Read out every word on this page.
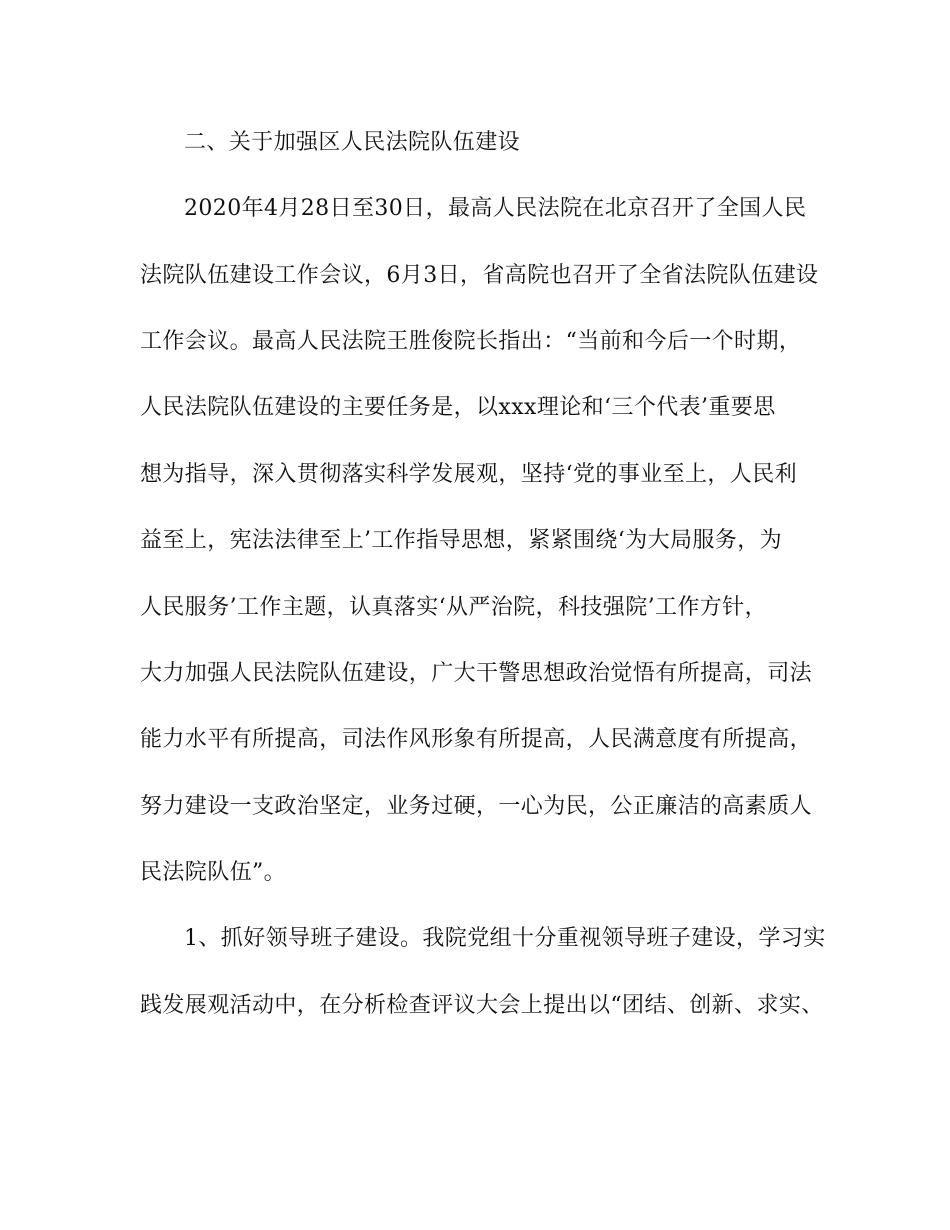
二、关于加强区人民法院队伍建设
2020年4月28日至30日，最高人民法院在北京召开了全国人民
法院队伍建设工作会议，6月3日，省高院也召开了全省法院队伍建设
工作会议。最高人民法院王胜俊院长指出：“当前和今后一个时期，
人民法院队伍建设的主要任务是，以xxx理论和‘三个代表’重要思
想为指导，深入贯彻落实科学发展观，坚持‘党的事业至上，人民利
益至上，宪法法律至上’工作指导思想，紧紧围绕‘为大局服务，为
人民服务’工作主题，认真落实‘从严治院，科技强院’工作方针，
大力加强人民法院队伍建设，广大干警思想政治觉悟有所提高，司法
能力水平有所提高，司法作风形象有所提高，人民满意度有所提高，
努力建设一支政治坚定，业务过硬，一心为民，公正廉洁的高素质人
民法院队伍”。
1、抓好领导班子建设。我院党组十分重视领导班子建设，学习实
践发展观活动中，在分析检查评议大会上提出以“团结、创新、求实、
